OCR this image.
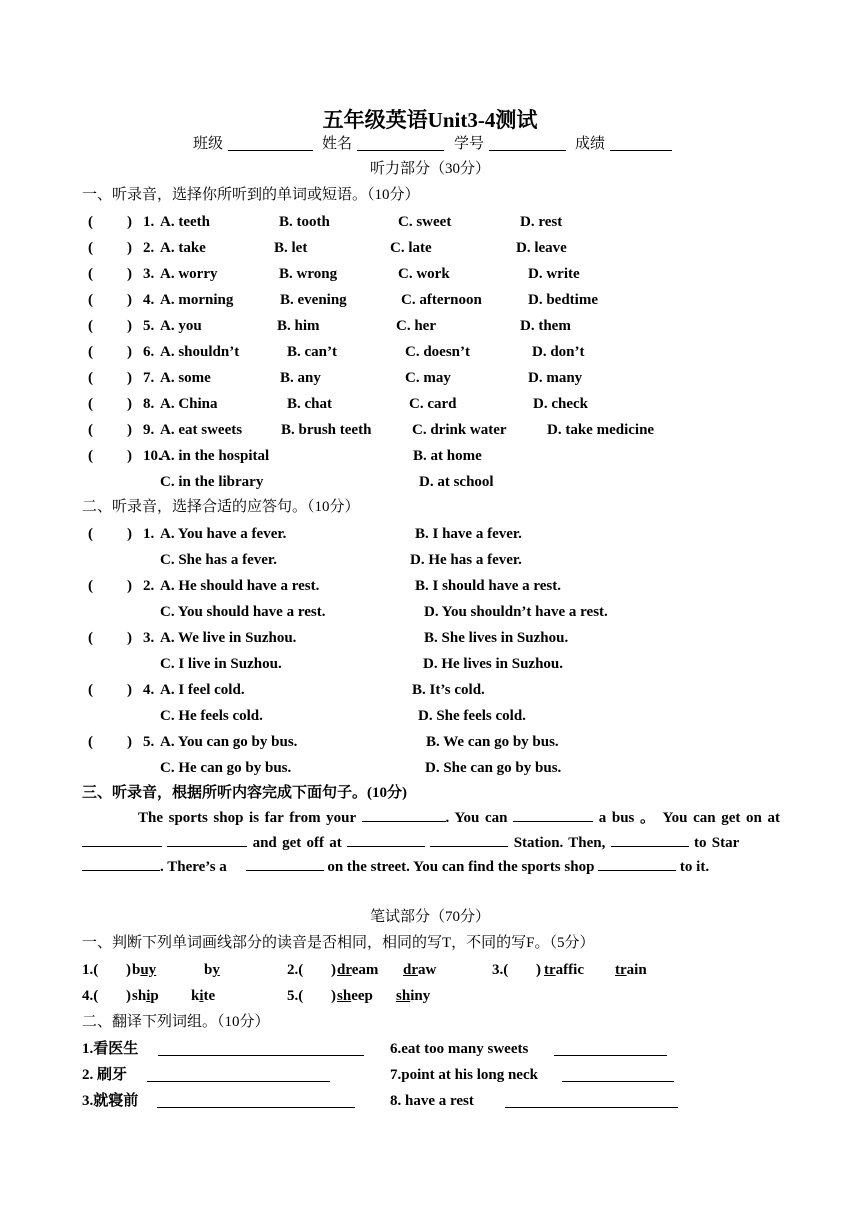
五年级英语Unit3-4测试
班级	姓名	学号	成绩
听力部分（30分）
一、听录音，选择你所听到的单词或短语。（10分）
( ) 1. A. teeth	B. tooth	C. sweet	D. rest
( ) 2. A. take	B. let	C. late	D. leave
( ) 3. A. worry	B. wrong	C. work	D. write
( ) 4. A. morning	B. evening	C. afternoon	D. bedtime
( ) 5. A. you	B. him	C. her	D. them
( ) 6. A. shouldn’t	B. can’t	C. doesn’t	D. don’t
( ) 7. A. some	B. any	C. may	D. many
( ) 8. A. China	B. chat	C. card	D. check
( ) 9. A. eat sweets	B. brush teeth	C. drink water	D. take medicine
( ) 10.
A. in the hospital	B. at home
C. in the library	D. at school
二、听录音，选择合适的应答句。（10分）
( ) 1. A. You have a fever.	B. I have a fever.
C. She has a fever.	D. He has a fever.
( ) 2. A. He should have a rest.	B. I should have a rest.
C. You should have a rest.	D. You shouldn’t have a rest.
( ) 3. A. We live in Suzhou.	B. She lives in Suzhou.
C. I live in Suzhou.	D. He lives in Suzhou.
( ) 4. A. I feel cold.	B. It’s cold.
C. He feels cold.	D. She feels cold.
( ) 5. A. You can go by bus.	B. We can go by bus.
C. He can go by bus.	D. She can go by bus.
三、听录音，根据所听内容完成下面句子。(10分)
The sports shop is far from your	. You can	a bus 。 You can get on at  and get off at	Station. Then,	to Star         . There’s a	on the street. You can find the sports shop	to it.
笔试部分（70分）
一、判断下列单词画线部分的读音是否相同，相同的写T，不同的写F。（5分）
1.( ) buy	by	2.( ) dream draw	3.( ) traffic train
4.( ) ship kite	5.( ) sheep shiny
二、翻译下列词组。（10分）
1.看医生	6.eat too many sweets
2. 刷牙	7.point at his long neck
3.就寝前	8. have a rest
